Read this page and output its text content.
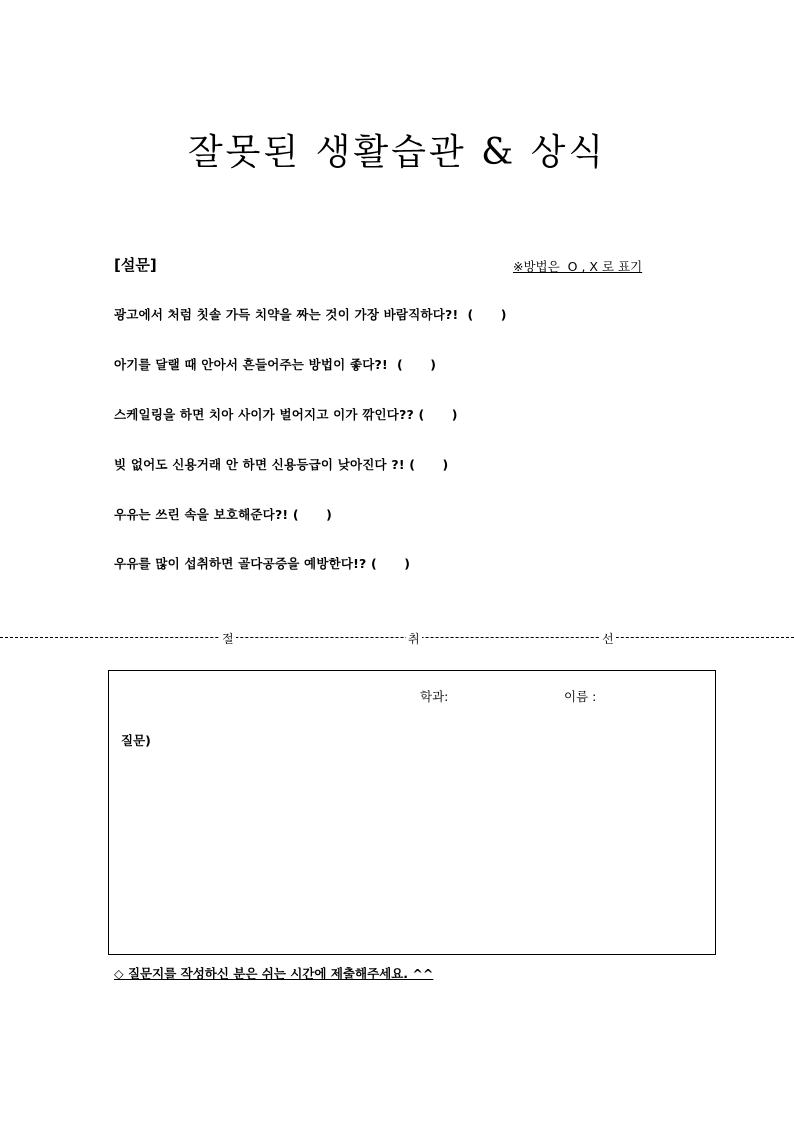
잘못된 생활습관 & 상식
[설문]	※방법은  O , X 로 표기
광고에서 처럼 칫솔 가득 치약을 짜는 것이 가장 바람직하다?!  (      )
아기를 달랠 때 안아서 흔들어주는 방법이 좋다?!  (      )
스케일링을 하면 치아 사이가 벌어지고 이가 깎인다?? (      )
빚 없어도 신용거래 안 하면 신용등급이 낮아진다 ?! (      )
우유는 쓰린 속을 보호해준다?! (      )
우유를 많이 섭취하면 골다공증을 예방한다!? (      )
절	취	선
학과:	이름 :
질문)
◇ 질문지를 작성하신 분은 쉬는 시간에 제출해주세요. ^^
